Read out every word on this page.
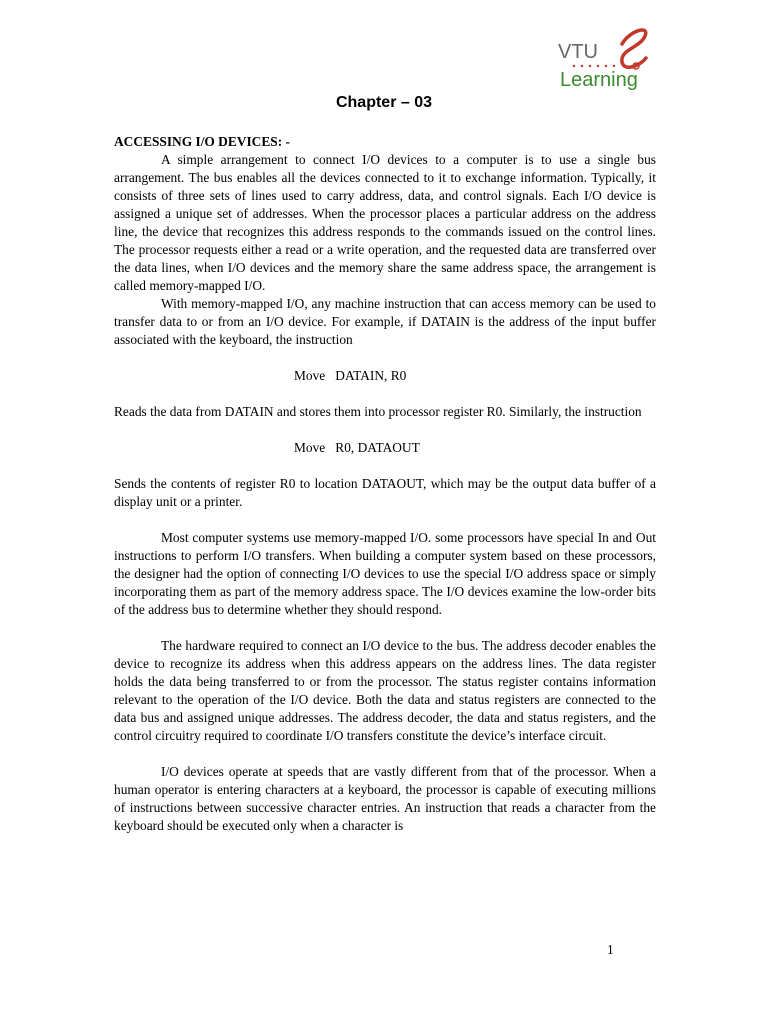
VTU
Learning
Chapter – 03

ACCESSING I/O DEVICES: -

A simple arrangement to connect I/O devices to a computer is to use a single bus arrangement. The bus enables all the devices connected to it to exchange information. Typically, it consists of three sets of lines used to carry address, data, and control signals. Each I/O device is assigned a unique set of addresses. When the processor places a particular address on the address line, the device that recognizes this address responds to the commands issued on the control lines. The processor requests either a read or a write operation, and the requested data are transferred over the data lines, when I/O devices and the memory share the same address space, the arrangement is called memory-mapped I/O.

With memory-mapped I/O, any machine instruction that can access memory can be used to transfer data to or from an I/O device. For example, if DATAIN is the address of the input buffer associated with the keyboard, the instruction

Move   DATAIN, R0

Reads the data from DATAIN and stores them into processor register R0. Similarly, the instruction

Move   R0, DATAOUT

Sends the contents of register R0 to location DATAOUT, which may be the output data buffer of a display unit or a printer.

Most computer systems use memory-mapped I/O. some processors have special In and Out instructions to perform I/O transfers. When building a computer system based on these processors, the designer had the option of connecting I/O devices to use the special I/O address space or simply incorporating them as part of the memory address space. The I/O devices examine the low-order bits of the address bus to determine whether they should respond.

The hardware required to connect an I/O device to the bus. The address decoder enables the device to recognize its address when this address appears on the address lines. The data register holds the data being transferred to or from the processor. The status register contains information relevant to the operation of the I/O device. Both the data and status registers are connected to the data bus and assigned unique addresses. The address decoder, the data and status registers, and the control circuitry required to coordinate I/O transfers constitute the device’s interface circuit.

I/O devices operate at speeds that are vastly different from that of the processor. When a human operator is entering characters at a keyboard, the processor is capable of executing millions of instructions between successive character entries. An instruction that reads a character from the keyboard should be executed only when a character is

1
